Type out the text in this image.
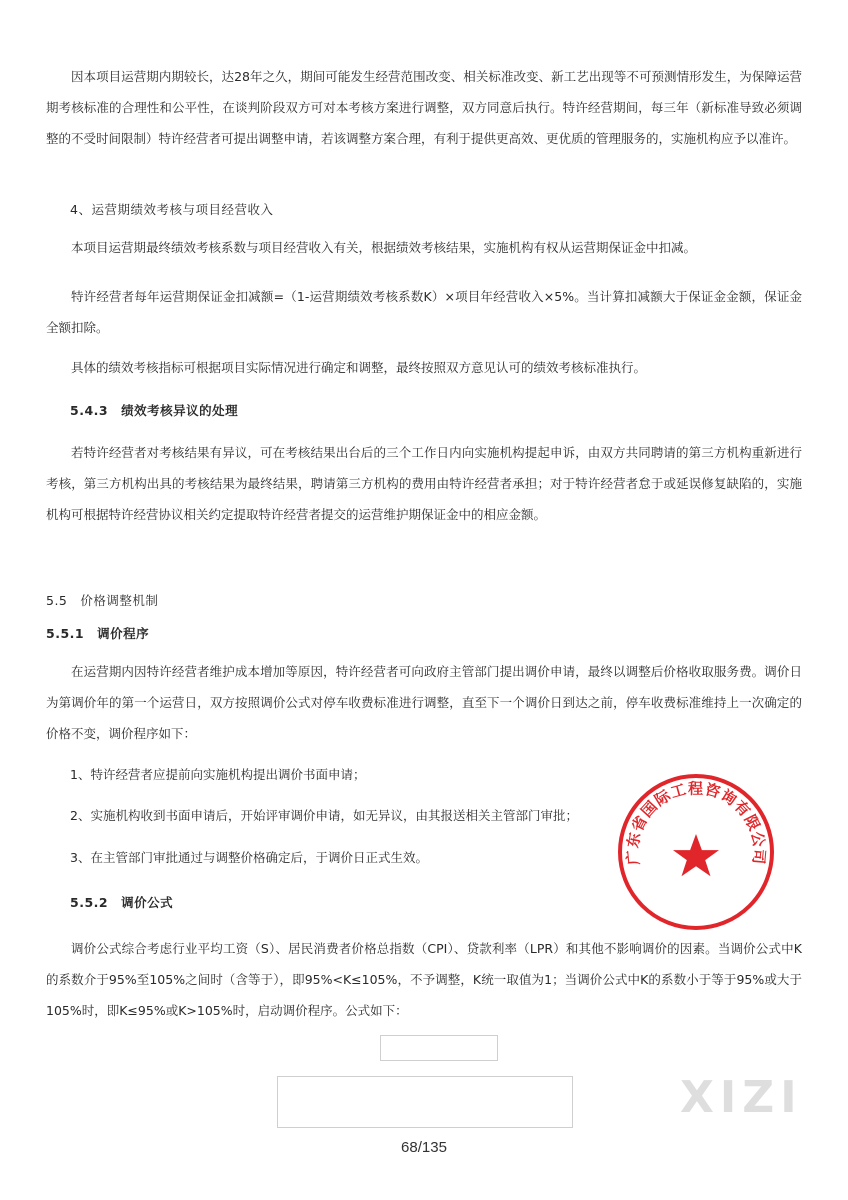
因本项目运营期内期较长，达28年之久，期间可能发生经营范围改变、相关标准改变、新工艺出现等不可预测情形发生，为保障运营期考核标准的合理性和公平性，在谈判阶段双方可对本考核方案进行调整，双方同意后执行。特许经营期间，每三年（新标准导致必须调整的不受时间限制）特许经营者可提出调整申请，若该调整方案合理，有利于提供更高效、更优质的管理服务的，实施机构应予以准许。

4、运营期绩效考核与项目经营收入

本项目运营期最终绩效考核系数与项目经营收入有关，根据绩效考核结果，实施机构有权从运营期保证金中扣减。

特许经营者每年运营期保证金扣减额=（1-运营期绩效考核系数K）×项目年经营收入×5%。当计算扣减额大于保证金金额，保证金全额扣除。

具体的绩效考核指标可根据项目实际情况进行确定和调整，最终按照双方意见认可的绩效考核标准执行。

5.4.3　绩效考核异议的处理

若特许经营者对考核结果有异议，可在考核结果出台后的三个工作日内向实施机构提起申诉，由双方共同聘请的第三方机构重新进行考核，第三方机构出具的考核结果为最终结果，聘请第三方机构的费用由特许经营者承担；对于特许经营者怠于或延误修复缺陷的，实施机构可根据特许经营协议相关约定提取特许经营者提交的运营维护期保证金中的相应金额。

5.5　价格调整机制
5.5.1　调价程序

在运营期内因特许经营者维护成本增加等原因，特许经营者可向政府主管部门提出调价申请，最终以调整后价格收取服务费。调价日为第调价年的第一个运营日，双方按照调价公式对停车收费标准进行调整，直至下一个调价日到达之前，停车收费标准维持上一次确定的价格不变，调价程序如下：

1、特许经营者应提前向实施机构提出调价书面申请；
2、实施机构收到书面申请后，开始评审调价申请，如无异议，由其报送相关主管部门审批；
3、在主管部门审批通过与调整价格确定后，于调价日正式生效。
5.5.2　调价公式

调价公式综合考虑行业平均工资（S）、居民消费者价格总指数（CPI）、贷款利率（LPR）和其他不影响调价的因素。当调价公式中K的系数介于95%至105%之间时（含等于），即95%<K≤105%，不予调整，K统一取值为1；当调价公式中K的系数小于等于95%或大于105%时，即K≤95%或K>105%时，启动调价程序。公式如下：

68/135
XIZI
广东省国际工程咨询有限公司
